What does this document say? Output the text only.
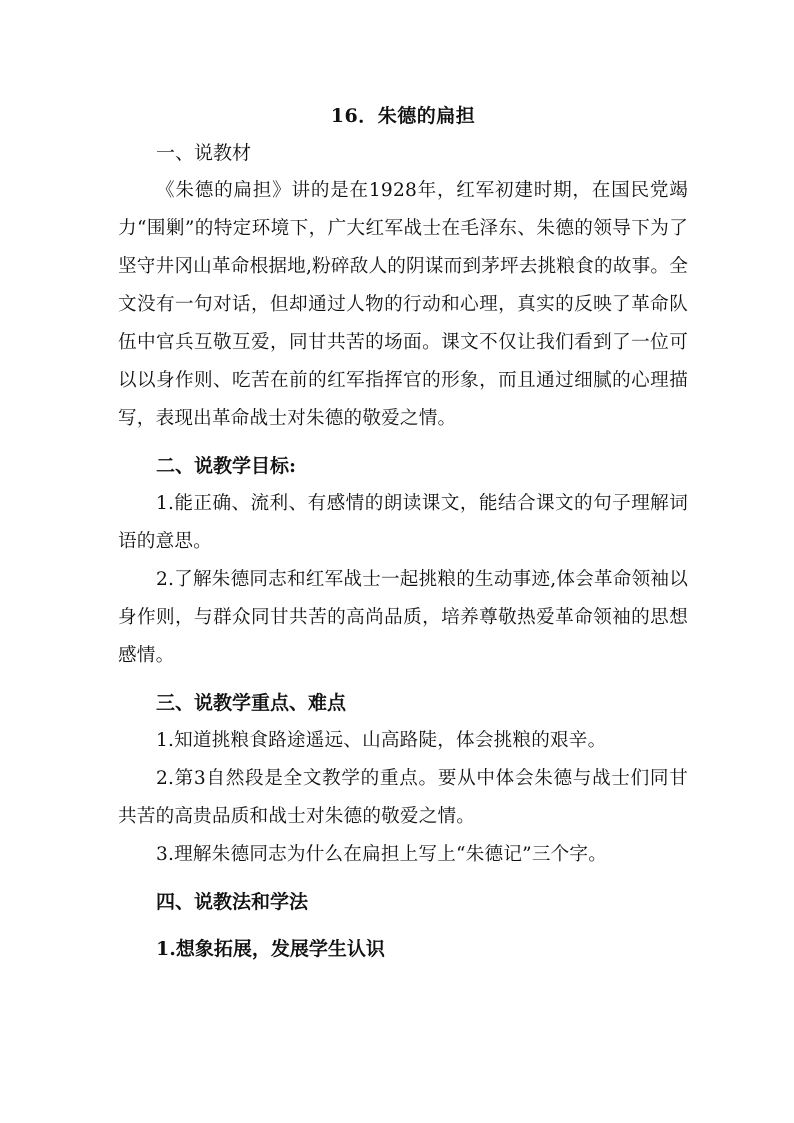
16．朱德的扁担
一、说教材
《朱德的扁担》讲的是在1928年，红军初建时期，在国民党竭力“围剿”的特定环境下，广大红军战士在毛泽东、朱德的领导下为了坚守井冈山革命根据地,粉碎敌人的阴谋而到茅坪去挑粮食的故事。全文没有一句对话，但却通过人物的行动和心理，真实的反映了革命队伍中官兵互敬互爱，同甘共苦的场面。课文不仅让我们看到了一位可以以身作则、吃苦在前的红军指挥官的形象，而且通过细腻的心理描写，表现出革命战士对朱德的敬爱之情。
二、说教学目标:
1.能正确、流利、有感情的朗读课文，能结合课文的句子理解词语的意思。
2.了解朱德同志和红军战士一起挑粮的生动事迹,体会革命领袖以身作则，与群众同甘共苦的高尚品质，培养尊敬热爱革命领袖的思想感情。
三、说教学重点、难点
1.知道挑粮食路途遥远、山高路陡，体会挑粮的艰辛。
2.第3自然段是全文教学的重点。要从中体会朱德与战士们同甘共苦的高贵品质和战士对朱德的敬爱之情。
3.理解朱德同志为什么在扁担上写上“朱德记”三个字。
四、说教法和学法
1.想象拓展，发展学生认识
